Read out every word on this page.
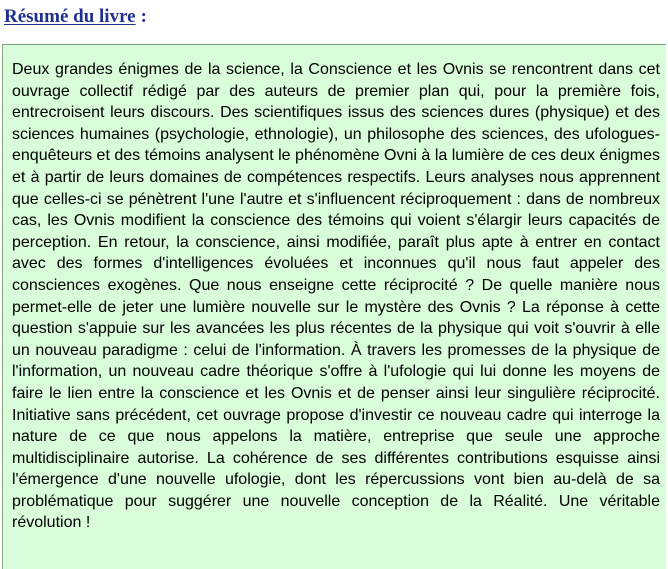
Résumé du livre :

Deux grandes énigmes de la science, la Conscience et les Ovnis se rencontrent dans cet ouvrage collectif rédigé par des auteurs de premier plan qui, pour la première fois, entrecroisent leurs discours. Des scientifiques issus des sciences dures (physique) et des sciences humaines (psychologie, ethnologie), un philosophe des sciences, des ufologues-enquêteurs et des témoins analysent le phénomène Ovni à la lumière de ces deux énigmes et à partir de leurs domaines de compétences respectifs. Leurs analyses nous apprennent que celles-ci se pénètrent l'une l'autre et s'influencent réciproquement : dans de nombreux cas, les Ovnis modifient la conscience des témoins qui voient s'élargir leurs capacités de perception. En retour, la conscience, ainsi modifiée, paraît plus apte à entrer en contact avec des formes d'intelligences évoluées et inconnues qu'il nous faut appeler des consciences exogènes. Que nous enseigne cette réciprocité ? De quelle manière nous permet-elle de jeter une lumière nouvelle sur le mystère des Ovnis ? La réponse à cette question s'appuie sur les avancées les plus récentes de la physique qui voit s'ouvrir à elle un nouveau paradigme : celui de l'information. À travers les promesses de la physique de l'information, un nouveau cadre théorique s'offre à l'ufologie qui lui donne les moyens de faire le lien entre la conscience et les Ovnis et de penser ainsi leur singulière réciprocité. Initiative sans précédent, cet ouvrage propose d'investir ce nouveau cadre qui interroge la nature de ce que nous appelons la matière, entreprise que seule une approche multidisciplinaire autorise. La cohérence de ses différentes contributions esquisse ainsi l'émergence d'une nouvelle ufologie, dont les répercussions vont bien au-delà de sa problématique pour suggérer une nouvelle conception de la Réalité. Une véritable révolution !
